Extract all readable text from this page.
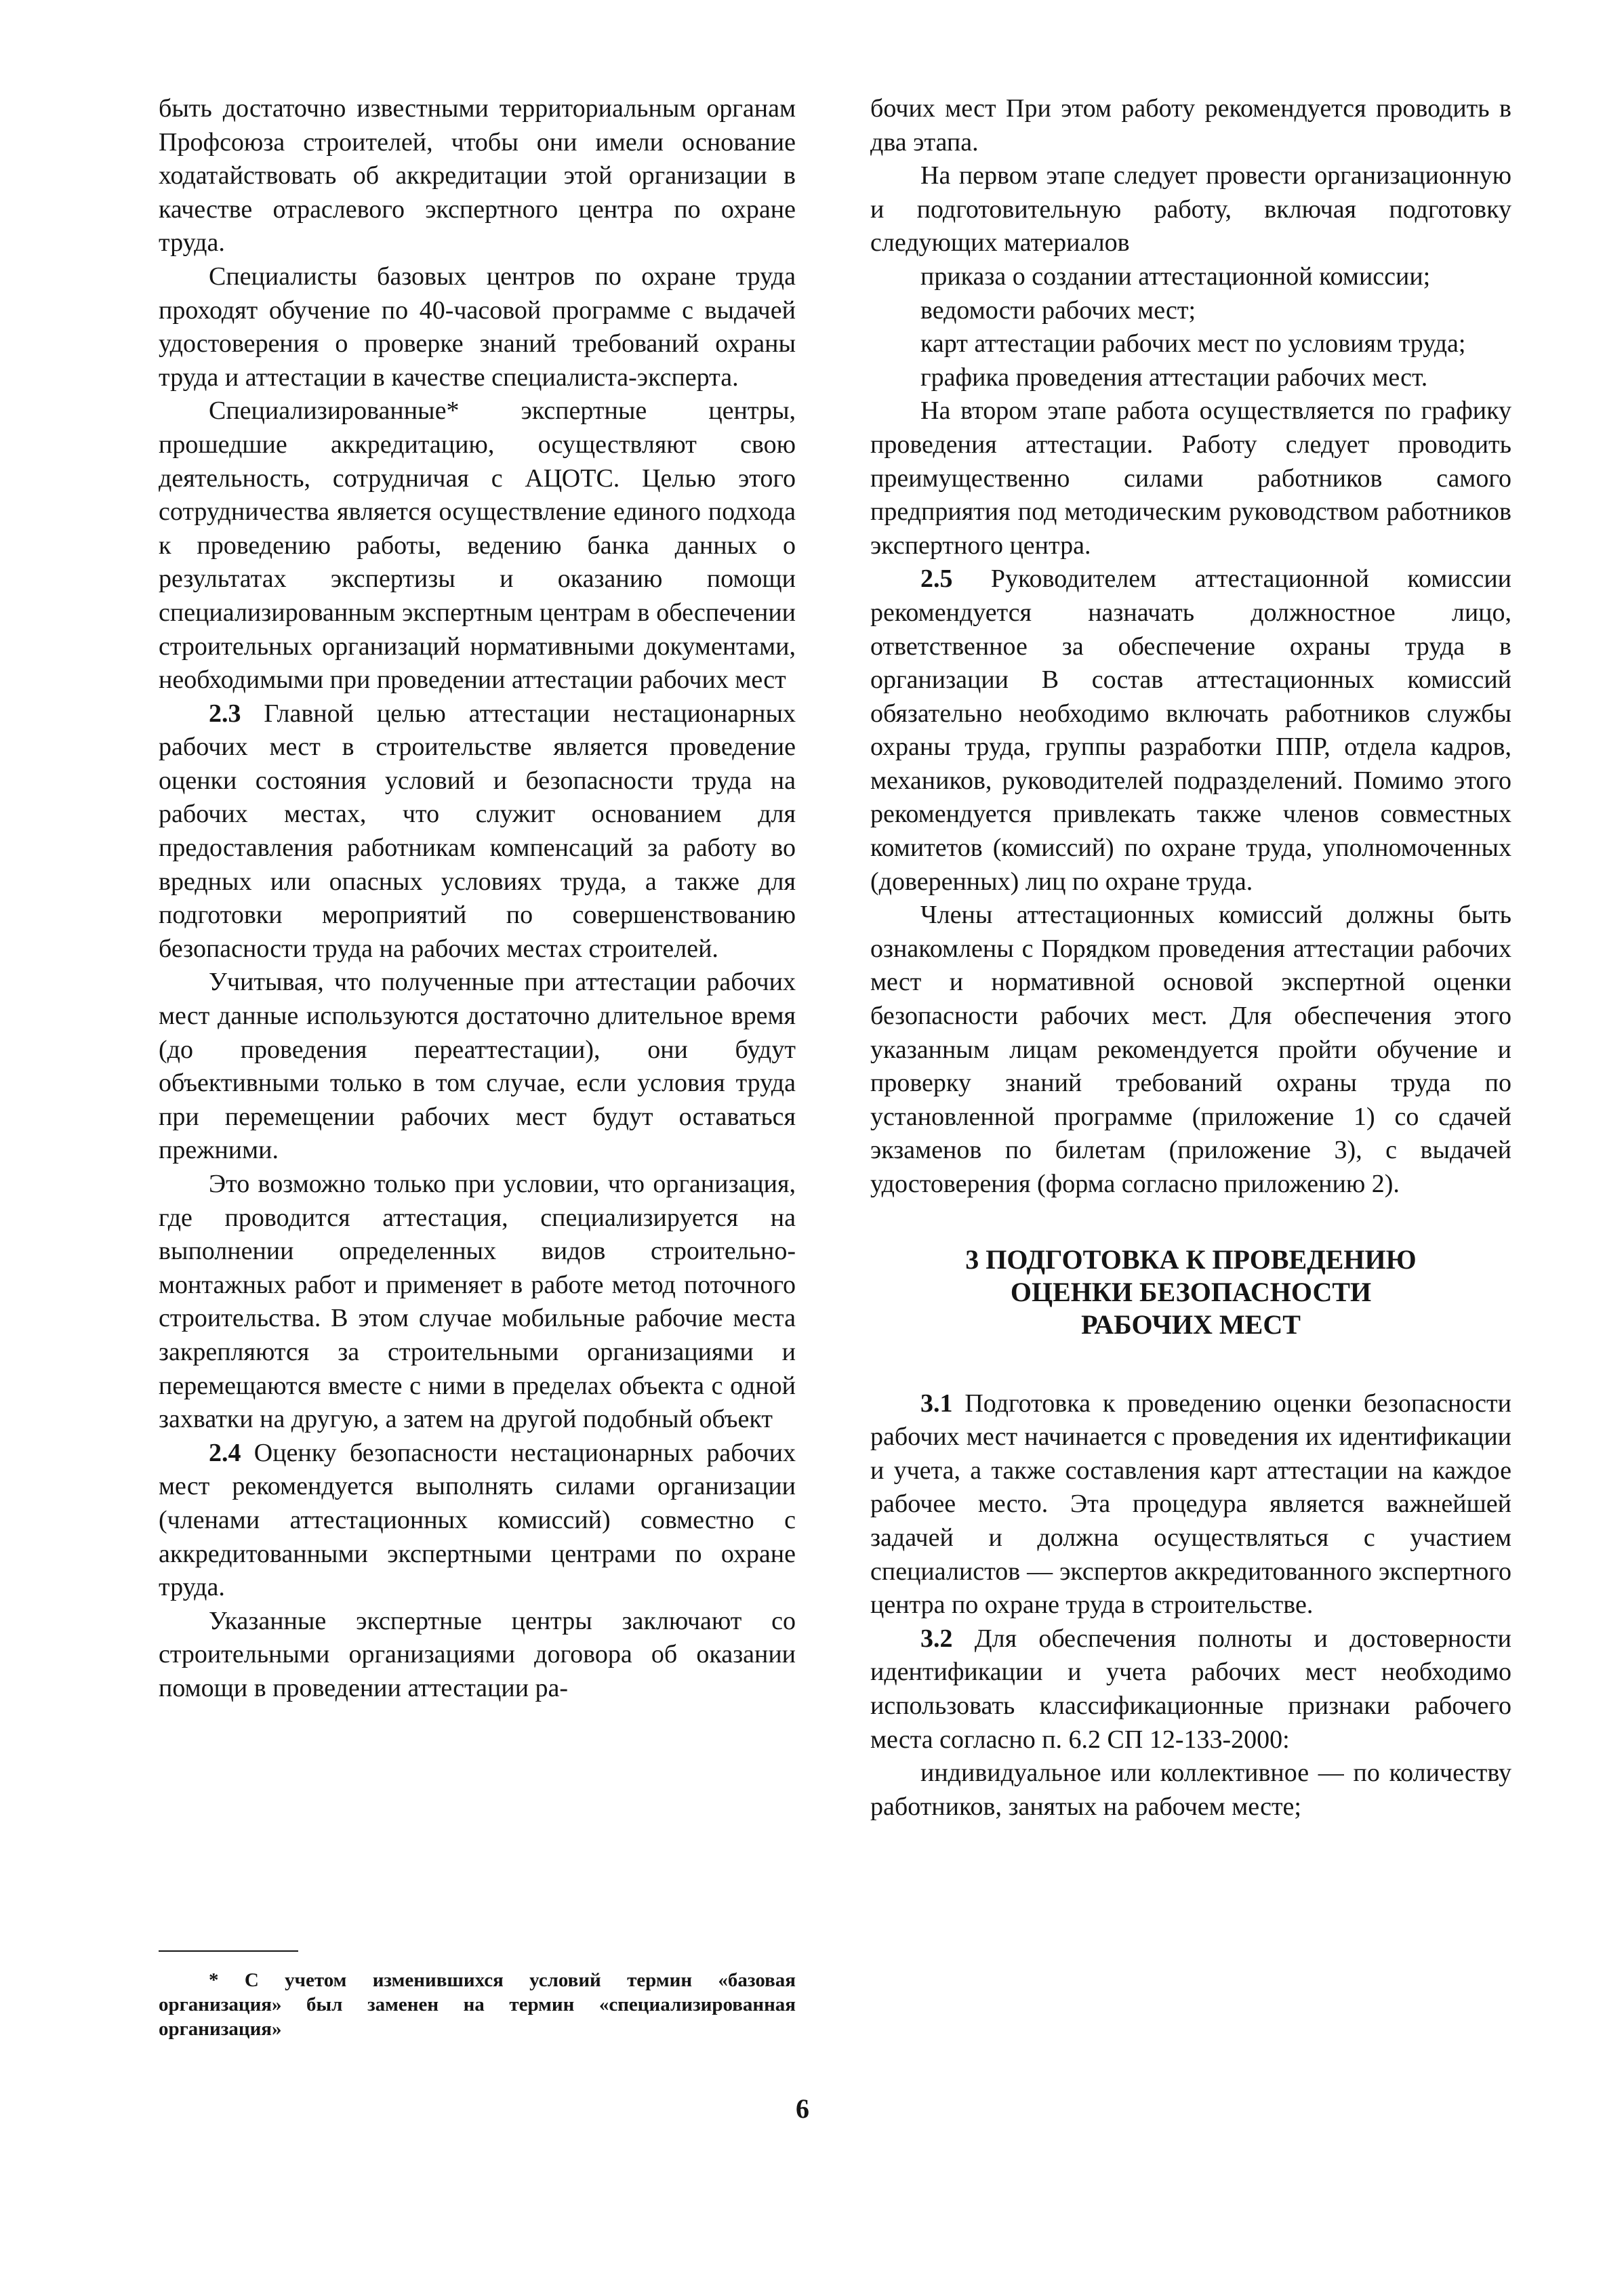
быть достаточно известными территориальным органам Профсоюза строителей, чтобы они имели основание ходатайствовать об аккредитации этой организации в качестве отраслевого экспертного центра по охране труда.

Специалисты базовых центров по охране труда проходят обучение по 40-часовой программе с выдачей удостоверения о проверке знаний требований охраны труда и аттестации в качестве специалиста-эксперта.

Специализированные* экспертные центры, прошедшие аккредитацию, осуществляют свою деятельность, сотрудничая с АЦОТС. Целью этого сотрудничества является осуществление единого подхода к проведению работы, ведению банка данных о результатах экспертизы и оказанию помощи специализированным экспертным центрам в обеспечении строительных организаций нормативными документами, необходимыми при проведении аттестации рабочих мест

2.3 Главной целью аттестации нестационарных рабочих мест в строительстве является проведение оценки состояния условий и безопасности труда на рабочих местах, что служит основанием для предоставления работникам компенсаций за работу во вредных или опасных условиях труда, а также для подготовки мероприятий по совершенствованию безопасности труда на рабочих местах строителей.

Учитывая, что полученные при аттестации рабочих мест данные используются достаточно длительное время (до проведения переаттестации), они будут объективными только в том случае, если условия труда при перемещении рабочих мест будут оставаться прежними.

Это возможно только при условии, что организация, где проводится аттестация, специализируется на выполнении определенных видов строительно-монтажных работ и применяет в работе метод поточного строительства. В этом случае мобильные рабочие места закрепляются за строительными организациями и перемещаются вместе с ними в пределах объекта с одной захватки на другую, а затем на другой подобный объект

2.4 Оценку безопасности нестационарных рабочих мест рекомендуется выполнять силами организации (членами аттестационных комиссий) совместно с аккредитованными экспертными центрами по охране труда.

Указанные экспертные центры заключают со строительными организациями договора об оказании помощи в проведении аттестации ра-

бочих мест При этом работу рекомендуется проводить в два этапа.

На первом этапе следует провести организационную и подготовительную работу, включая подготовку следующих материалов

приказа о создании аттестационной комиссии;

ведомости рабочих мест;

карт аттестации рабочих мест по условиям труда;

графика проведения аттестации рабочих мест.

На втором этапе работа осуществляется по графику проведения аттестации. Работу следует проводить преимущественно силами работников самого предприятия под методическим руководством работников экспертного центра.

2.5 Руководителем аттестационной комиссии рекомендуется назначать должностное лицо, ответственное за обеспечение охраны труда в организации В состав аттестационных комиссий обязательно необходимо включать работников службы охраны труда, группы разработки ППР, отдела кадров, механиков, руководителей подразделений. Помимо этого рекомендуется привлекать также членов совместных комитетов (комиссий) по охране труда, уполномоченных (доверенных) лиц по охране труда.

Члены аттестационных комиссий должны быть ознакомлены с Порядком проведения аттестации рабочих мест и нормативной основой экспертной оценки безопасности рабочих мест. Для обеспечения этого указанным лицам рекомендуется пройти обучение и проверку знаний требований охраны труда по установленной программе (приложение 1) со сдачей экзаменов по билетам (приложение 3), с выдачей удостоверения (форма согласно приложению 2).

3 ПОДГОТОВКА К ПРОВЕДЕНИЮ
ОЦЕНКИ БЕЗОПАСНОСТИ
РАБОЧИХ МЕСТ

3.1 Подготовка к проведению оценки безопасности рабочих мест начинается с проведения их идентификации и учета, а также составления карт аттестации на каждое рабочее место. Эта процедура является важнейшей задачей и должна осуществляться с участием специалистов — экспертов аккредитованного экспертного центра по охране труда в строительстве.

3.2 Для обеспечения полноты и достоверности идентификации и учета рабочих мест необходимо использовать классификационные признаки рабочего места согласно п. 6.2 СП 12-133-2000:

индивидуальное или коллективное — по количеству работников, занятых на рабочем месте;

* С учетом изменившихся условий термин «базовая организация» был заменен на термин «специализированная организация»

6
